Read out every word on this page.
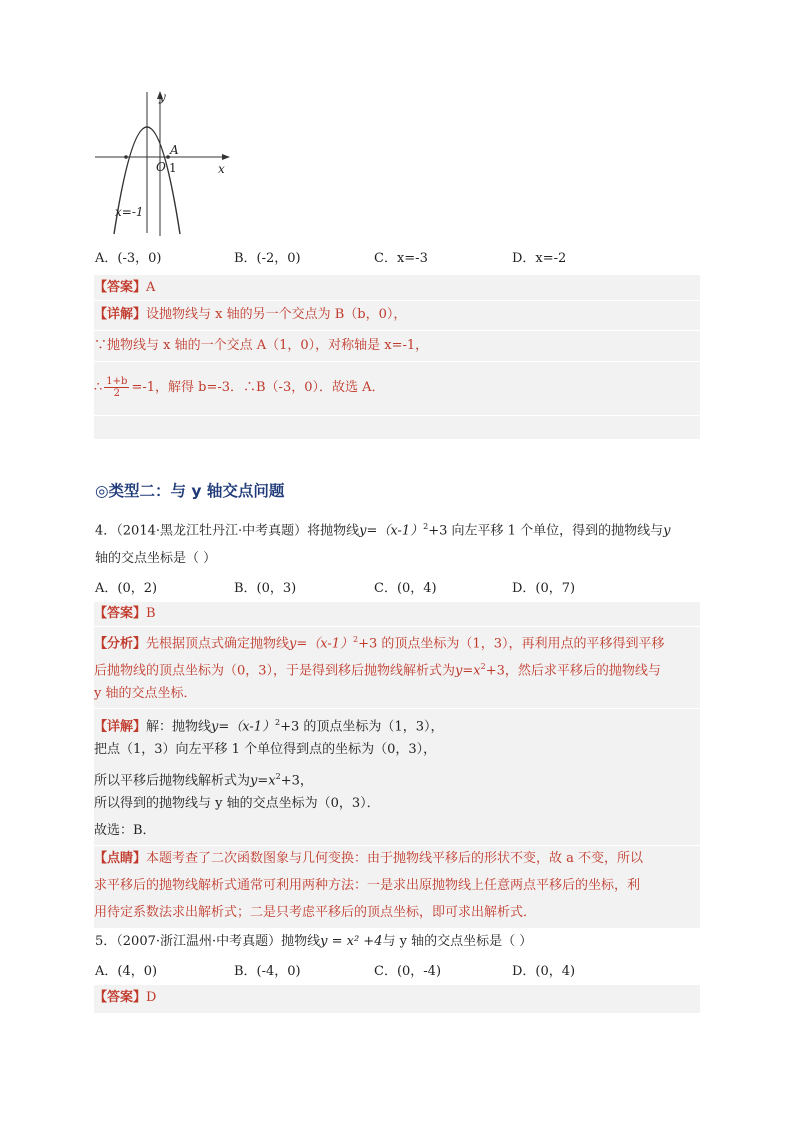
y
x
O 1
A
x=-1
A．(-3，0)	B．(-2，0)	C．x=-3	D．x=-2
【答案】A
【详解】设抛物线与 x 轴的另一个交点为 B（b，0），
∵抛物线与 x 轴的一个交点 A（1，0），对称轴是 x=-1，
∴ $\frac{1+b}{2} =-1$，解得 b=-3．∴B（-3，0）．故选 A．
◎类型二：与 y 轴交点问题
4．（2014·黑龙江牡丹江·中考真题）将抛物线$y=(x-1)^2+3$ 向左平移 1 个单位，得到的抛物线与y
轴的交点坐标是（ ）
A．(0，2)	B．(0，3)	C．(0，4)	D．(0，7)
【答案】B
【分析】先根据顶点式确定抛物线$y=(x-1)^2+3$ 的顶点坐标为（1，3），再利用点的平移得到平移
后抛物线的顶点坐标为（0，3），于是得到移后抛物线解析式为$y=x^2+3$，然后求平移后的抛物线与
y 轴的交点坐标．
【详解】解：抛物线$y=(x-1)^2+3$ 的顶点坐标为（1，3），
把点（1，3）向左平移 1 个单位得到点的坐标为（0，3），
所以平移后抛物线解析式为$y=x^2+3$，
所以得到的抛物线与 y 轴的交点坐标为（0，3）．
故选：B．
【点睛】本题考查了二次函数图象与几何变换：由于抛物线平移后的形状不变，故 a 不变，所以
求平移后的抛物线解析式通常可利用两种方法：一是求出原抛物线上任意两点平移后的坐标，利
用待定系数法求出解析式；二是只考虑平移后的顶点坐标，即可求出解析式．
5．（2007·浙江温州·中考真题）抛物线y = x² +4与 y 轴的交点坐标是（ ）
A．(4，0)	B．(-4，0)	C．(0，-4)	D．(0，4)
【答案】D
